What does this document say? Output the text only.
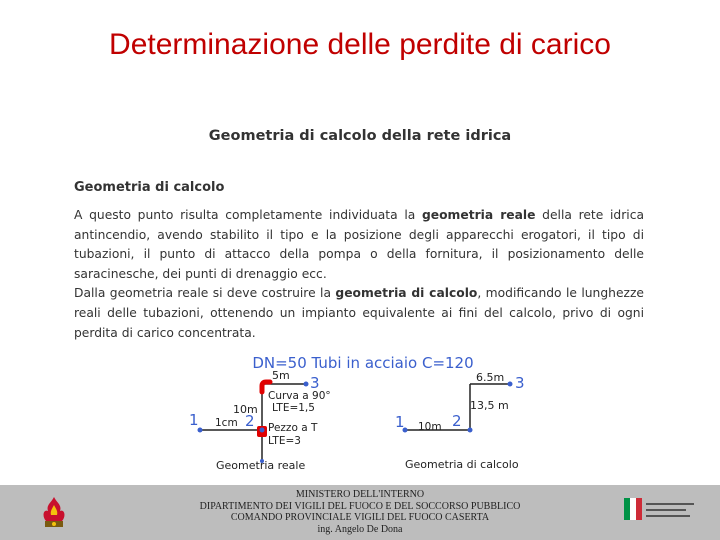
Determinazione delle perdite di carico
Geometria di calcolo della rete idrica
Geometria di calcolo

A questo punto risulta completamente individuata la geometria reale della rete idrica antincendio, avendo stabilito il tipo e la posizione degli apparecchi erogatori, il tipo di tubazioni, il punto di attacco della pompa o della fornitura, il posizionamento delle saracinesche, dei punti di drenaggio ecc.

Dalla geometria reale si deve costruire la geometria di calcolo, modificando le lunghezze reali delle tubazioni, ottenendo un impianto equivalente ai fini del calcolo, privo di ogni perdita di carico concentrata.

DN=50 Tubi in acciaio C=120
5m 3
Curva a 90°
LTE=1,5
10m
1 1cm 2 Pezzo a T
LTE=3
Geometria reale
1 10m 2
13,5 m
6.5m 3
Geometria di calcolo
MINISTERO DELL'INTERNO
DIPARTIMENTO DEI VIGILI DEL FUOCO E DEL SOCCORSO PUBBLICO
COMANDO PROVINCIALE VIGILI DEL FUOCO CASERTA
ing. Angelo De Dona
